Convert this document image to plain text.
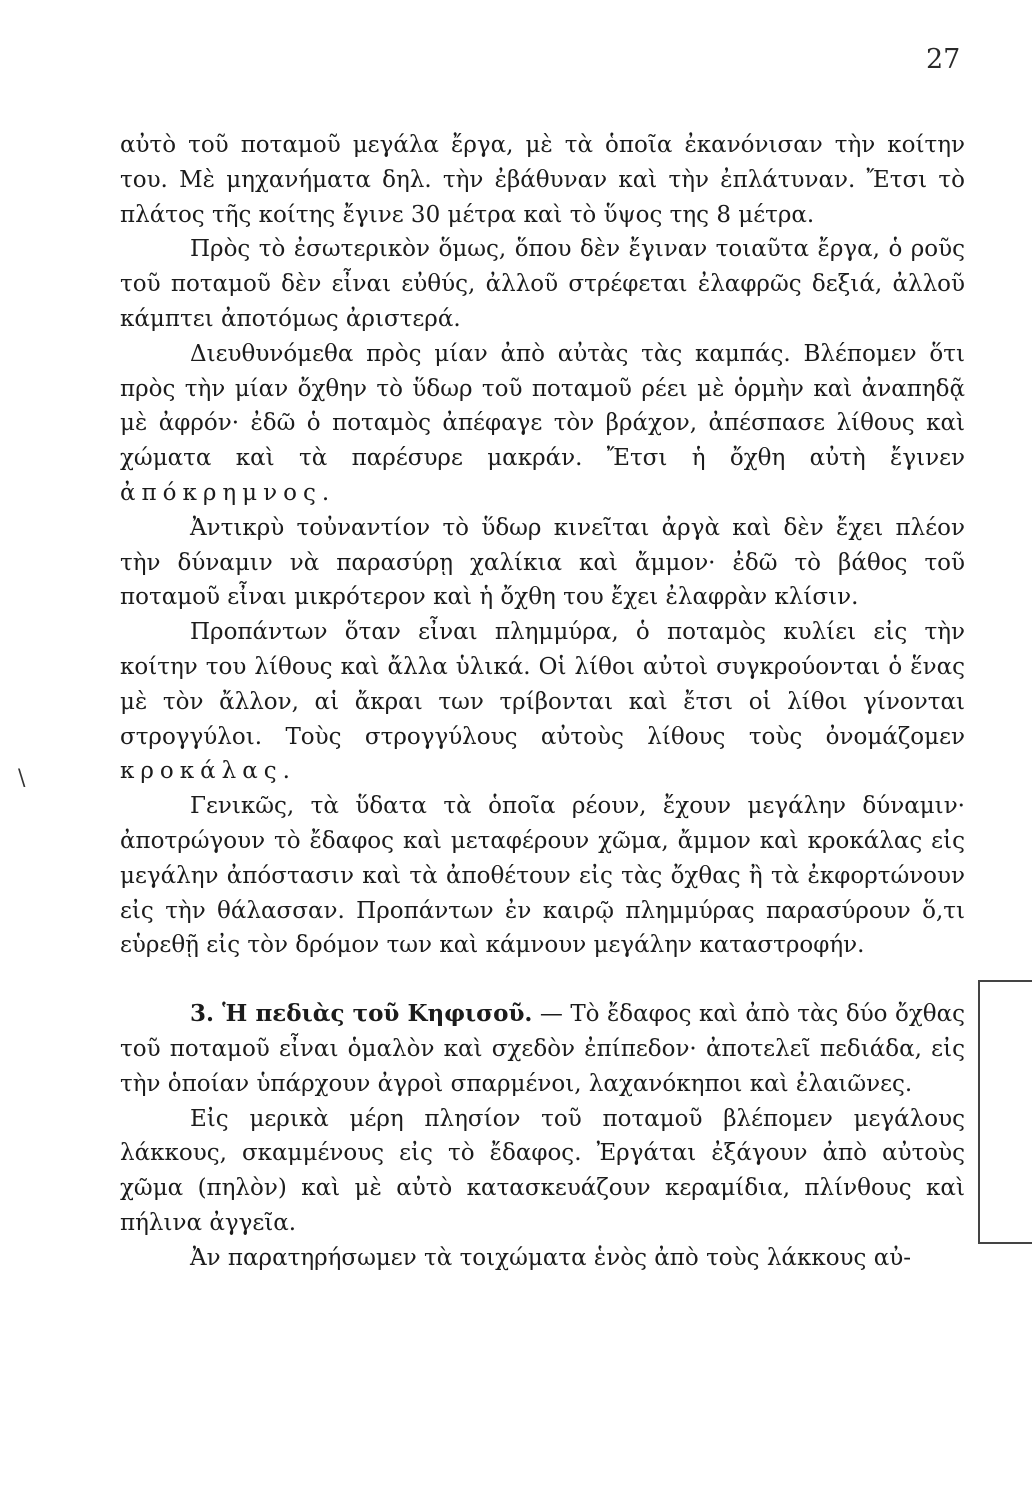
27
\

αὐτὸ τοῦ ποταμοῦ μεγάλα ἔργα, μὲ τὰ ὁποῖα ἐκανόνισαν τὴν κοίτην του. Μὲ μηχανήματα δηλ. τὴν ἐβάθυναν καὶ τὴν ἐπλάτυναν. Ἔτσι τὸ πλάτος τῆς κοίτης ἔγινε 30 μέτρα καὶ τὸ ὕψος της 8 μέτρα.

Πρὸς τὸ ἐσωτερικὸν ὅμως, ὅπου δὲν ἔγιναν τοιαῦτα ἔργα, ὁ ροῦς τοῦ ποταμοῦ δὲν εἶναι εὐθύς, ἀλλοῦ στρέφεται ἐλαφρῶς δεξιά, ἀλλοῦ κάμπτει ἀποτόμως ἀριστερά.

Διευθυνόμεθα πρὸς μίαν ἀπὸ αὐτὰς τὰς καμπάς. Βλέπομεν ὅτι πρὸς τὴν μίαν ὄχθην τὸ ὕδωρ τοῦ ποταμοῦ ρέει μὲ ὁρμὴν καὶ ἀναπηδᾷ μὲ ἀφρόν· ἐδῶ ὁ ποταμὸς ἀπέφαγε τὸν βράχον, ἀπέσπασε λίθους καὶ χώματα καὶ τὰ παρέσυρε μακράν. Ἔτσι ἡ ὄχθη αὐτὴ ἔγινεν ἀπόκρημνος.

Ἀντικρὺ τοὐναντίον τὸ ὕδωρ κινεῖται ἀργὰ καὶ δὲν ἔχει πλέον τὴν δύναμιν νὰ παρασύρῃ χαλίκια καὶ ἄμμον· ἐδῶ τὸ βάθος τοῦ ποταμοῦ εἶναι μικρότερον καὶ ἡ ὄχθη του ἔχει ἐλαφρὰν κλίσιν.

Προπάντων ὅταν εἶναι πλημμύρα, ὁ ποταμὸς κυλίει εἰς τὴν κοίτην του λίθους καὶ ἄλλα ὑλικά. Οἱ λίθοι αὐτοὶ συγκρούονται ὁ ἕνας μὲ τὸν ἄλλον, αἱ ἄκραι των τρίβονται καὶ ἔτσι οἱ λίθοι γίνονται στρογγύλοι. Τοὺς στρογγύλους αὐτοὺς λίθους τοὺς ὀνομάζομεν κροκάλας.

Γενικῶς, τὰ ὕδατα τὰ ὁποῖα ρέουν, ἔχουν μεγάλην δύναμιν· ἀποτρώγουν τὸ ἔδαφος καὶ μεταφέρουν χῶμα, ἄμμον καὶ κροκάλας εἰς μεγάλην ἀπόστασιν καὶ τὰ ἀποθέτουν εἰς τὰς ὄχθας ἢ τὰ ἐκφορτώνουν εἰς τὴν θάλασσαν. Προπάντων ἐν καιρῷ πλημμύρας παρασύρουν ὅ,τι εὑρεθῇ εἰς τὸν δρόμον των καὶ κάμνουν μεγάλην καταστροφήν.

3. Ἡ πεδιὰς τοῦ Κηφισοῦ. — Τὸ ἔδαφος καὶ ἀπὸ τὰς δύο ὄχθας τοῦ ποταμοῦ εἶναι ὁμαλὸν καὶ σχεδὸν ἐπίπεδον· ἀποτελεῖ πεδιάδα, εἰς τὴν ὁποίαν ὑπάρχουν ἀγροὶ σπαρμένοι, λαχανόκηποι καὶ ἐλαιῶνες.

Εἰς μερικὰ μέρη πλησίον τοῦ ποταμοῦ βλέπομεν μεγάλους λάκκους, σκαμμένους εἰς τὸ ἔδαφος. Ἐργάται ἐξάγουν ἀπὸ αὐτοὺς χῶμα (πηλὸν) καὶ μὲ αὐτὸ κατασκευάζουν κεραμίδια, πλίνθους καὶ πήλινα ἀγγεῖα.

Ἀν παρατηρήσωμεν τὰ τοιχώματα ἑνὸς ἀπὸ τοὺς λάκκους αὐ-
